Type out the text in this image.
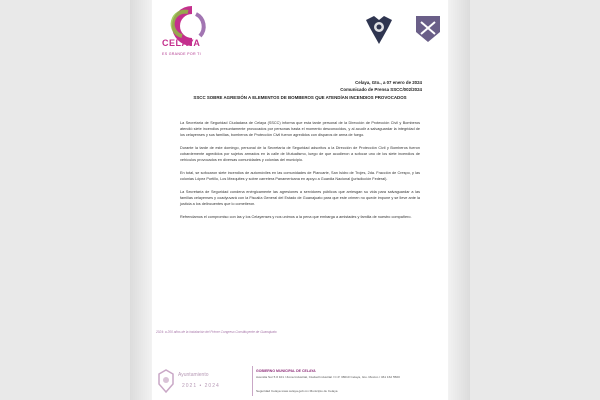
CELAYA
ES GRANDE POR TI
Celaya, Gto., a 07 enero de 2024
Comunicado de Prensa SSCC/002/2024
SSCC SOBRE AGRESIÓN A ELEMENTOS DE BOMBEROS QUE ATENDÍAN INCENDIOS PROVOCADOS

La Secretaría de Seguridad Ciudadana de Celaya (SSCC) informa que esta tarde personal de la Dirección de Protección Civil y Bomberos atendió siete incendios presuntamente provocados por personas hasta el momento desconocidos, y al acudir a salvaguardar la integridad de los celayenses y sus familias, bomberos de Protección Civil fueron agredidos con disparos de arma de fuego.

Durante la tarde de este domingo, personal de la Secretaría de Seguridad adscritos a la Dirección de Protección Civil y Bomberos fueron cobardemente agredidos por sujetos armados en la calle de Mutualismo, luego de que acudieron a sofocar uno de los siete incendios de vehículos provocados en diversas comunidades y colonias del municipio.

En total, se sofocaron siete incendios de automóviles en las comunidades de Plancarte, San Isidro de Trojes, 2da. Fracción de Crespo, y las colonias López Portillo, Los Mezquites y sobre carretera Panamericana en apoyo a Guardia Nacional (jurisdicción Federal).

La Secretaría de Seguridad condena enérgicamente las agresiones a servidores públicos que arriesgan su vida para salvaguardar a las familias celayenses y coadyuvará con la Fiscalía General del Estado de Guanajuato para que este crimen no quede impune y se lleve ante la justicia a los delincuentes que lo cometieron.

Refrendamos el compromiso con las y los Celayenses y nos unimos a la pena que embarga a amistades y familia de nuestro compañero.

2024: a 200 años de la instalación del Primer Congreso Constituyente de Guanajuato
Ayuntamiento
2021 • 2024
GOBIERNO MUNICIPAL DE CELAYA
Avenida Sur 5 # 101 / Zona Industrial, Ciudad Industrial / C.P. 38010 Celaya, Gto. México / 461 162 5500
Seguridad Celaya www.celaya.gob.mx Municipio de Celaya
